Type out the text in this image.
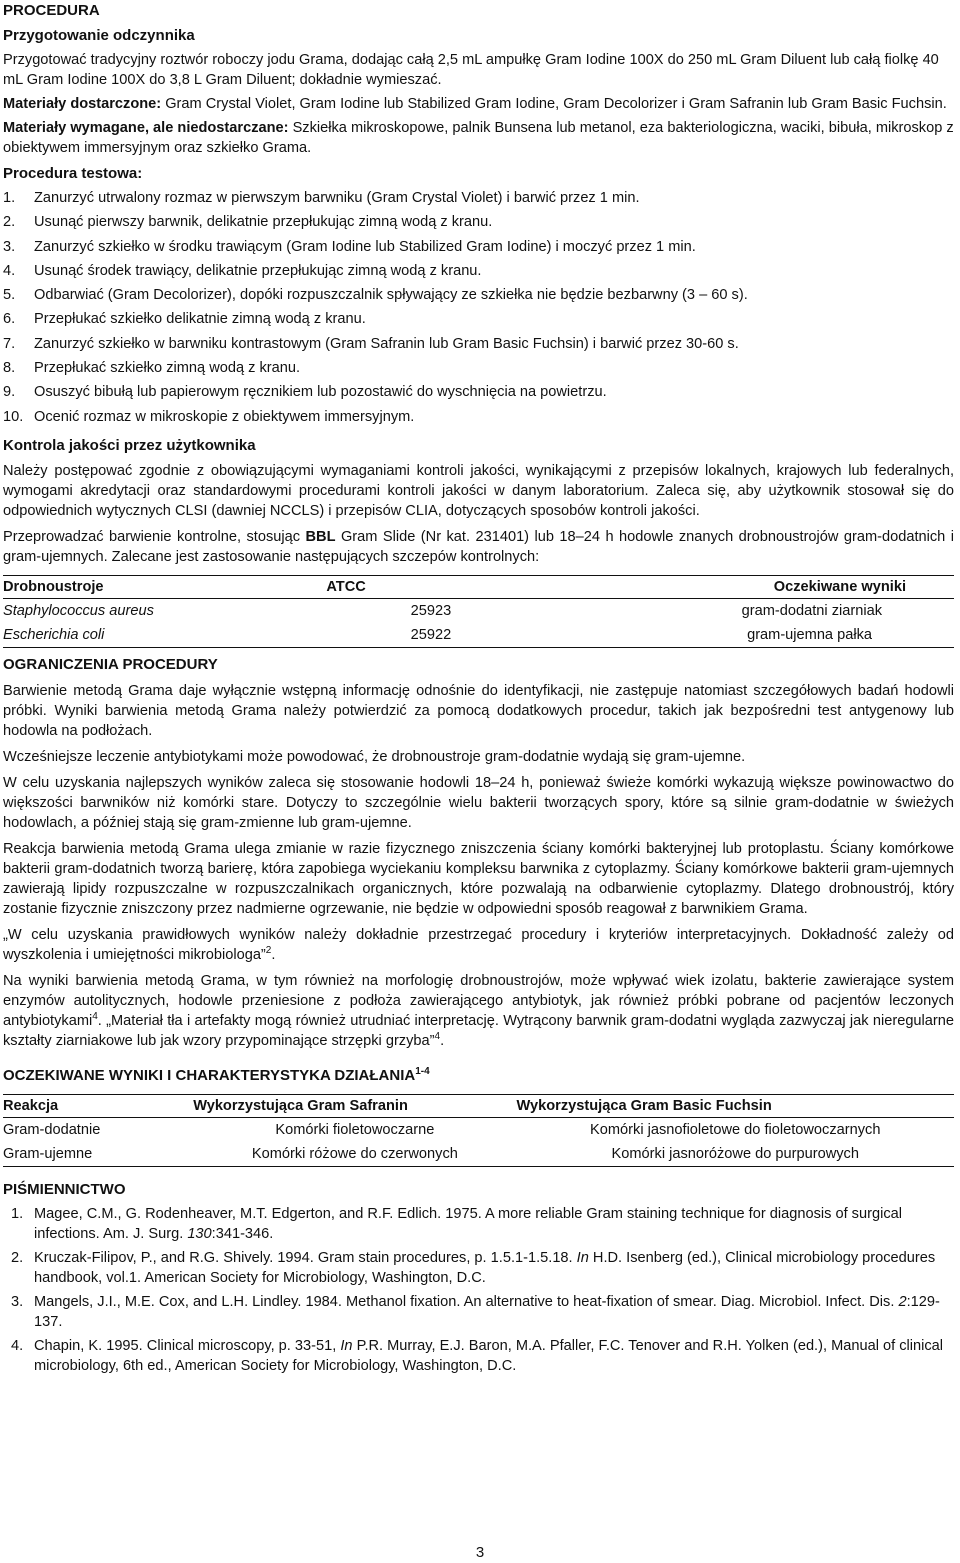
PROCEDURA
Przygotowanie odczynnika

Przygotować tradycyjny roztwór roboczy jodu Grama, dodając całą 2,5 mL ampułkę Gram Iodine 100X do 250 mL Gram Diluent lub całą fiolkę 40 mL Gram Iodine 100X do 3,8 L Gram Diluent; dokładnie wymieszać.

Materiały dostarczone: Gram Crystal Violet, Gram Iodine lub Stabilized Gram Iodine, Gram Decolorizer i Gram Safranin lub Gram Basic Fuchsin.

Materiały wymagane, ale niedostarczane: Szkiełka mikroskopowe, palnik Bunsena lub metanol, eza bakteriologiczna, waciki, bibuła, mikroskop z obiektywem immersyjnym oraz szkiełko Grama.

Procedura testowa:
1.	Zanurzyć utrwalony rozmaz w pierwszym barwniku (Gram Crystal Violet) i barwić przez 1 min.
2.	Usunąć pierwszy barwnik, delikatnie przepłukując zimną wodą z kranu.
3.	Zanurzyć szkiełko w środku trawiącym (Gram Iodine lub Stabilized Gram Iodine) i moczyć przez 1 min.
4.	Usunąć środek trawiący, delikatnie przepłukując zimną wodą z kranu.
5.	Odbarwiać (Gram Decolorizer), dopóki rozpuszczalnik spływający ze szkiełka nie będzie bezbarwny (3 – 60 s).
6.	Przepłukać szkiełko delikatnie zimną wodą z kranu.
7.	Zanurzyć szkiełko w barwniku kontrastowym (Gram Safranin lub Gram Basic Fuchsin) i barwić przez 30-60 s.
8.	Przepłukać szkiełko zimną wodą z kranu.
9.	Osuszyć bibułą lub papierowym ręcznikiem lub pozostawić do wyschnięcia na powietrzu.
10. Ocenić rozmaz w mikroskopie z obiektywem immersyjnym.
Kontrola jakości przez użytkownika

Należy postępować zgodnie z obowiązującymi wymaganiami kontroli jakości, wynikającymi z przepisów lokalnych, krajowych lub federalnych, wymogami akredytacji oraz standardowymi procedurami kontroli jakości w danym laboratorium. Zaleca się, aby użytkownik stosował się do odpowiednich wytycznych CLSI (dawniej NCCLS) i przepisów CLIA, dotyczących sposobów kontroli jakości.

Przeprowadzać barwienie kontrolne, stosując BBL Gram Slide (Nr kat. 231401) lub 18–24 h hodowle znanych drobnoustrojów gram-dodatnich i gram-ujemnych. Zalecane jest zastosowanie następujących szczepów kontrolnych:

Drobnoustroje	ATCC	Oczekiwane wyniki
Staphylococcus aureus	25923	gram-dodatni ziarniak
Escherichia coli	25922	gram-ujemna pałka
OGRANICZENIA PROCEDURY

Barwienie metodą Grama daje wyłącznie wstępną informację odnośnie do identyfikacji, nie zastępuje natomiast szczegółowych badań hodowli próbki. Wyniki barwienia metodą Grama należy potwierdzić za pomocą dodatkowych procedur, takich jak bezpośredni test antygenowy lub hodowla na podłożach.

Wcześniejsze leczenie antybiotykami może powodować, że drobnoustroje gram-dodatnie wydają się gram-ujemne.

W celu uzyskania najlepszych wyników zaleca się stosowanie hodowli 18–24 h, ponieważ świeże komórki wykazują większe powinowactwo do większości barwników niż komórki stare. Dotyczy to szczególnie wielu bakterii tworzących spory, które są silnie gram-dodatnie w świeżych hodowlach, a później stają się gram-zmienne lub gram-ujemne.

Reakcja barwienia metodą Grama ulega zmianie w razie fizycznego zniszczenia ściany komórki bakteryjnej lub protoplastu. Ściany komórkowe bakterii gram-dodatnich tworzą barierę, która zapobiega wyciekaniu kompleksu barwnika z cytoplazmy. Ściany komórkowe bakterii gram-ujemnych zawierają lipidy rozpuszczalne w rozpuszczalnikach organicznych, które pozwalają na odbarwienie cytoplazmy. Dlatego drobnoustrój, który zostanie fizycznie zniszczony przez nadmierne ogrzewanie, nie będzie w odpowiedni sposób reagował z barwnikiem Grama.

„W celu uzyskania prawidłowych wyników należy dokładnie przestrzegać procedury i kryteriów interpretacyjnych. Dokładność zależy od wyszkolenia i umiejętności mikrobiologa”$^2$.

Na wyniki barwienia metodą Grama, w tym również na morfologię drobnoustrojów, może wpływać wiek izolatu, bakterie zawierające system enzymów autolitycznych, hodowle przeniesione z podłoża zawierającego antybiotyk, jak również próbki pobrane od pacjentów leczonych antybiotykami$^4$. „Materiał tła i artefakty mogą również utrudniać interpretację. Wytrącony barwnik gram-dodatni wygląda zazwyczaj jak nieregularne kształty ziarniakowe lub jak wzory przypominające strzępki grzyba”$^4$.

OCZEKIWANE WYNIKI I CHARAKTERYSTYKA DZIAŁANIA$^{1-4}$
Reakcja	Wykorzystująca Gram Safranin	Wykorzystująca Gram Basic Fuchsin
Gram-dodatnie	Komórki fioletowoczarne	Komórki jasnofioletowe do fioletowoczarnych
Gram-ujemne	Komórki różowe do czerwonych	Komórki jasnoróżowe do purpurowych
PIŚMIENNICTWO
1. Magee, C.M., G. Rodenheaver, M.T. Edgerton, and R.F. Edlich. 1975. A more reliable Gram staining technique for diagnosis of surgical infections. Am. J. Surg. 130:341-346.
2. Kruczak-Filipov, P., and R.G. Shively. 1994. Gram stain procedures, p. 1.5.1-1.5.18. In H.D. Isenberg (ed.), Clinical microbiology procedures handbook, vol.1. American Society for Microbiology, Washington, D.C.
3. Mangels, J.I., M.E. Cox, and L.H. Lindley. 1984. Methanol fixation. An alternative to heat-fixation of smear. Diag. Microbiol. Infect. Dis. 2:129-137.
4. Chapin, K. 1995. Clinical microscopy, p. 33-51, In P.R. Murray, E.J. Baron, M.A. Pfaller, F.C. Tenover and R.H. Yolken (ed.), Manual of clinical microbiology, 6th ed., American Society for Microbiology, Washington, D.C.
3
